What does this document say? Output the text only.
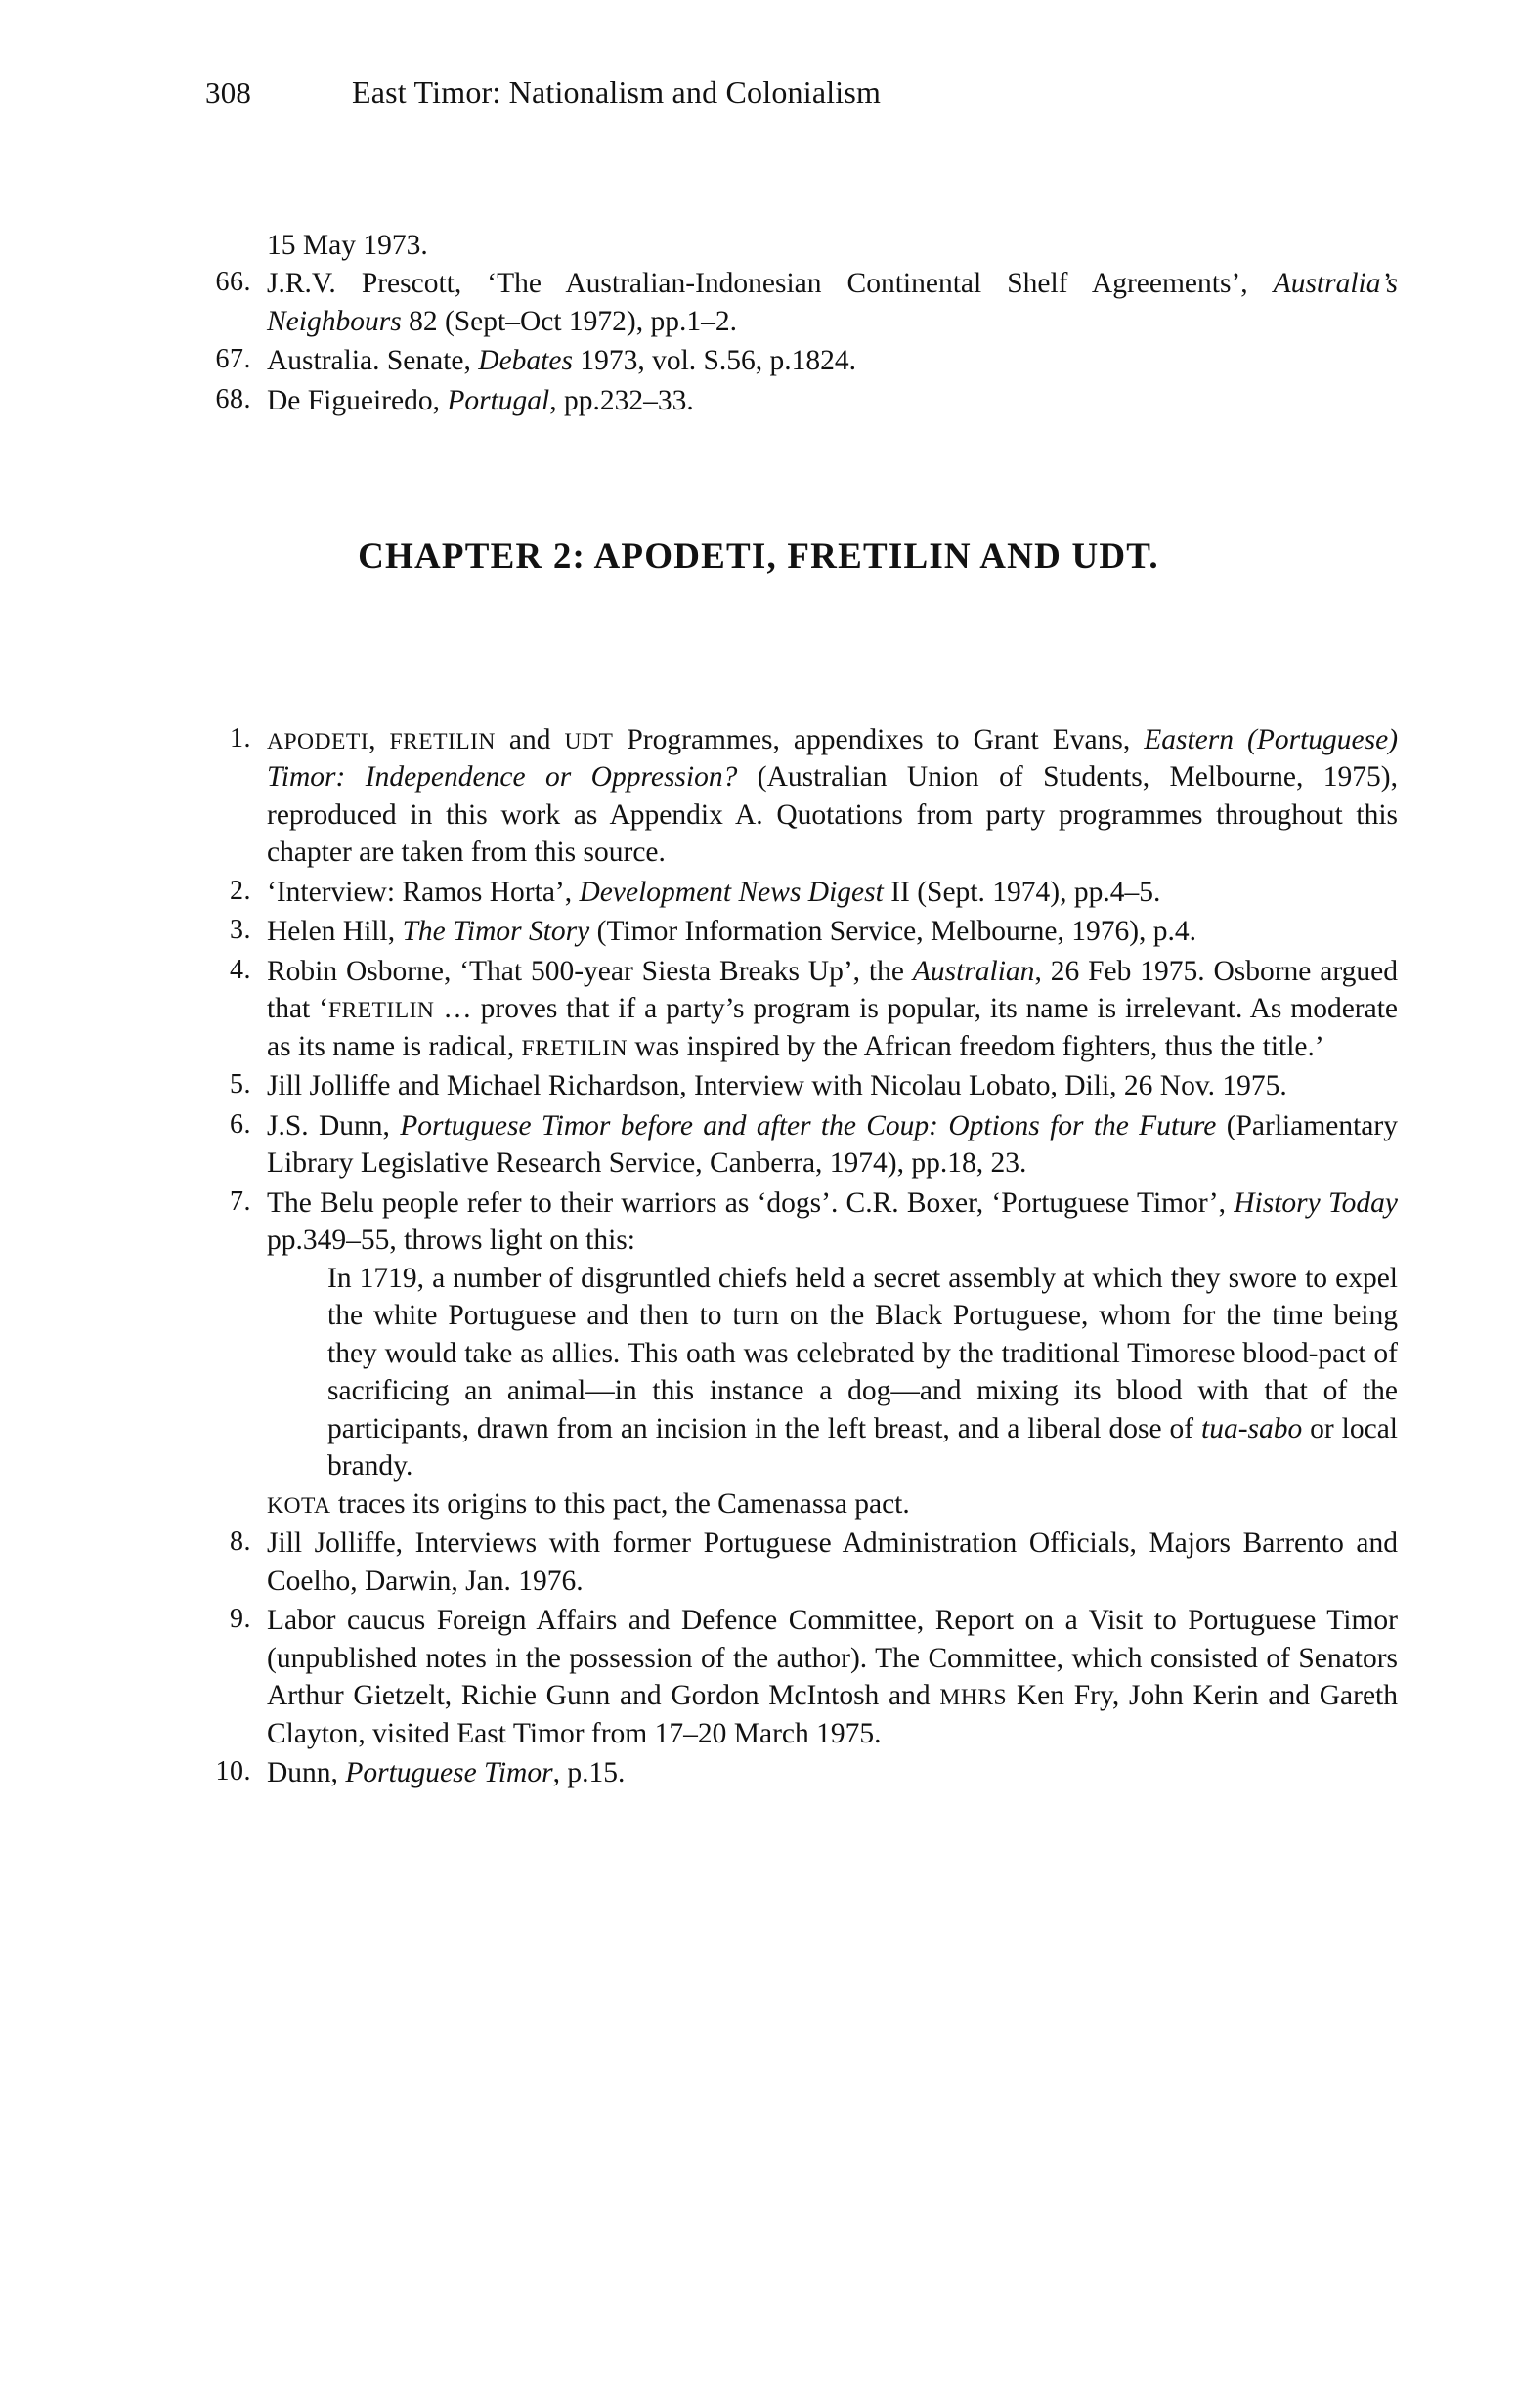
308	East Timor: Nationalism and Colonialism
15 May 1973.
66. J.R.V. Prescott, ‘The Australian-Indonesian Continental Shelf Agreements’, Australia’s Neighbours 82 (Sept–Oct 1972), pp.1–2.
67. Australia. Senate, Debates 1973, vol. S.56, p.1824.
68. De Figueiredo, Portugal, pp.232–33.
CHAPTER 2: APODETI, FRETILIN AND UDT.
1. APODETI, FRETILIN and UDT Programmes, appendixes to Grant Evans, Eastern (Portuguese) Timor: Independence or Oppression? (Australian Union of Students, Melbourne, 1975), reproduced in this work as Appendix A. Quotations from party programmes throughout this chapter are taken from this source.
2. ‘Interview: Ramos Horta’, Development News Digest II (Sept. 1974), pp.4–5.
3. Helen Hill, The Timor Story (Timor Information Service, Melbourne, 1976), p.4.
4. Robin Osborne, ‘That 500-year Siesta Breaks Up’, the Australian, 26 Feb 1975. Osborne argued that ‘FRETILIN … proves that if a party’s program is popular, its name is irrelevant. As moderate as its name is radical, FRETILIN was inspired by the African freedom fighters, thus the title.’
5. Jill Jolliffe and Michael Richardson, Interview with Nicolau Lobato, Dili, 26 Nov. 1975.
6. J.S. Dunn, Portuguese Timor before and after the Coup: Options for the Future (Parliamentary Library Legislative Research Service, Canberra, 1974), pp.18, 23.
7. The Belu people refer to their warriors as ‘dogs’. C.R. Boxer, ‘Portuguese Timor’, History Today pp.349–55, throws light on this:
In 1719, a number of disgruntled chiefs held a secret assembly at which they swore to expel the white Portuguese and then to turn on the Black Portuguese, whom for the time being they would take as allies. This oath was celebrated by the traditional Timorese blood-pact of sacrificing an animal—in this instance a dog—and mixing its blood with that of the participants, drawn from an incision in the left breast, and a liberal dose of tua-sabo or local brandy.
KOTA traces its origins to this pact, the Camenassa pact.
8. Jill Jolliffe, Interviews with former Portuguese Administration Officials, Majors Barrento and Coelho, Darwin, Jan. 1976.
9. Labor caucus Foreign Affairs and Defence Committee, Report on a Visit to Portuguese Timor (unpublished notes in the possession of the author). The Committee, which consisted of Senators Arthur Gietzelt, Richie Gunn and Gordon McIntosh and MHRS Ken Fry, John Kerin and Gareth Clayton, visited East Timor from 17–20 March 1975.
10. Dunn, Portuguese Timor, p.15.
